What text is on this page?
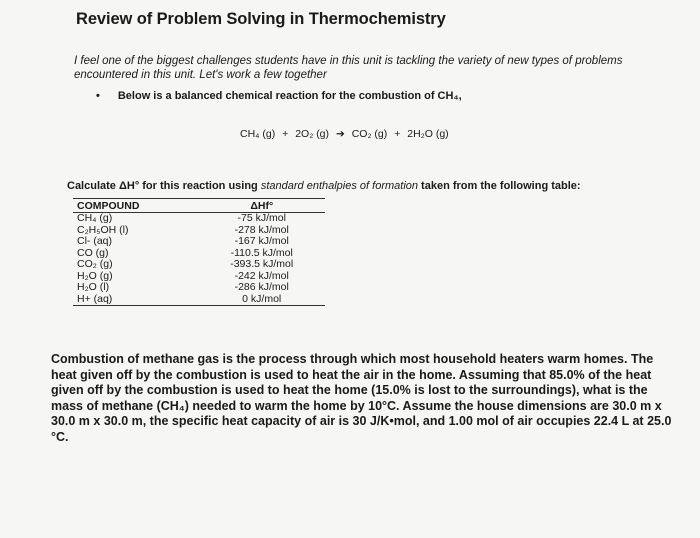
Review of Problem Solving in Thermochemistry
I feel one of the biggest challenges students have in this unit is tackling the variety of new types of problems encountered in this unit. Let's work a few together
• Below is a balanced chemical reaction for the combustion of CH₄,
CH₄ (g) + 2O₂ (g) ➔ CO₂ (g) + 2H₂O (g)
Calculate ΔH° for this reaction using standard enthalpies of formation taken from the following table:
COMPOUND	ΔHf°
CH₄ (g)	-75 kJ/mol
C₂H₅OH (l)	-278 kJ/mol
Cl- (aq)	-167 kJ/mol
CO (g)	-110.5 kJ/mol
CO₂ (g)	-393.5 kJ/mol
H₂O (g)	-242 kJ/mol
H₂O (l)	-286 kJ/mol
H+ (aq)	0 kJ/mol
Combustion of methane gas is the process through which most household heaters warm homes. The heat given off by the combustion is used to heat the air in the home. Assuming that 85.0% of the heat given off by the combustion is used to heat the home (15.0% is lost to the surroundings), what is the mass of methane (CH₄) needed to warm the home by 10°C. Assume the house dimensions are 30.0 m x 30.0 m x 30.0 m, the specific heat capacity of air is 30 J/K•mol, and 1.00 mol of air occupies 22.4 L at 25.0 °C.
